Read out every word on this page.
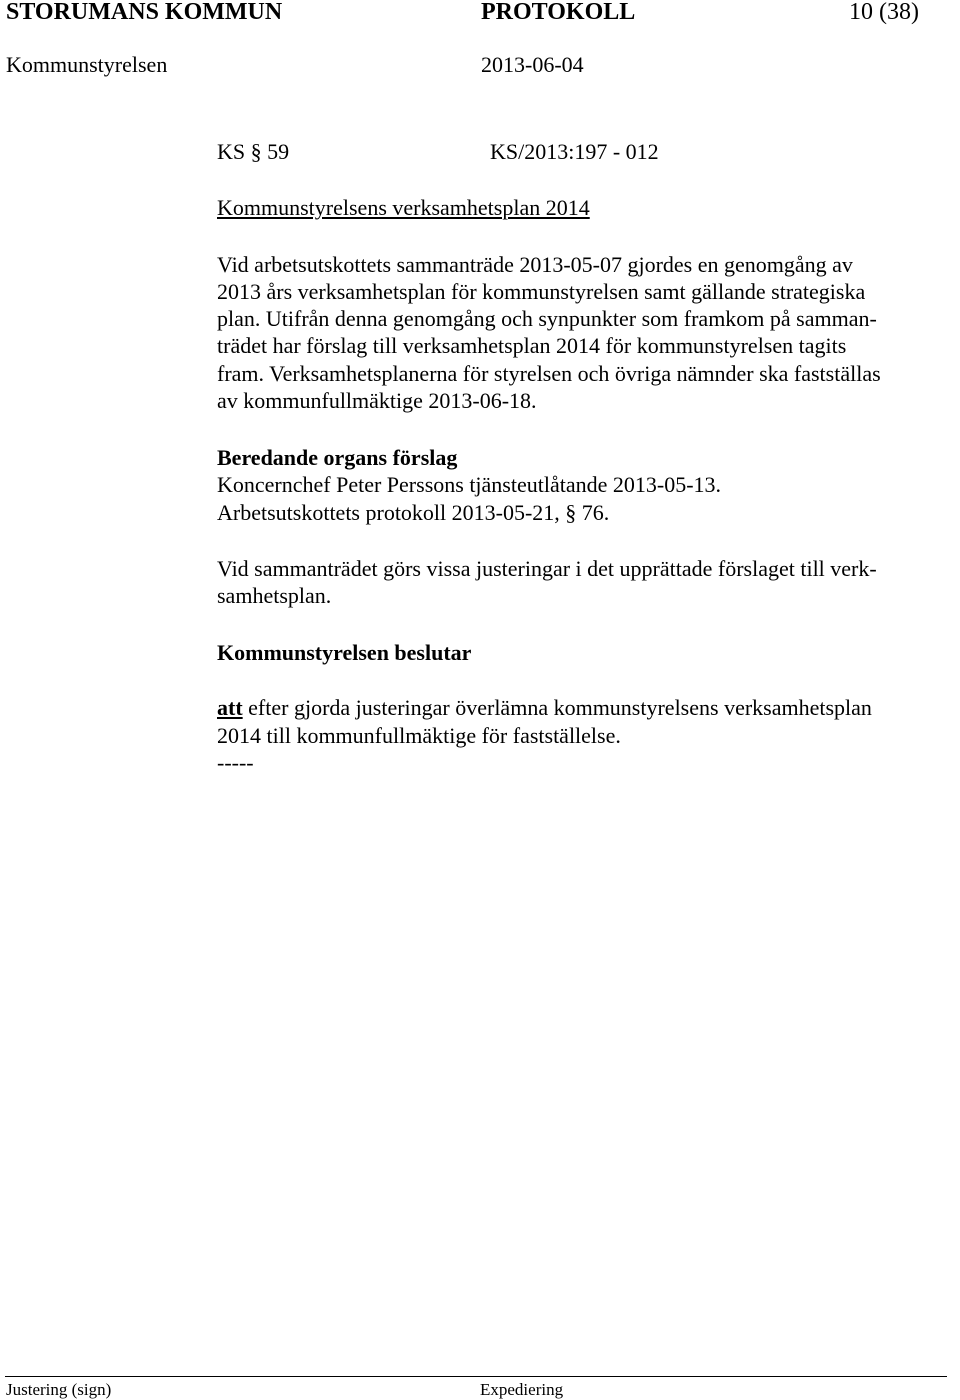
STORUMANS KOMMUN	PROTOKOLL	10 (38)
Kommunstyrelsen	2013-06-04
KS § 59	KS/2013:197 - 012
Kommunstyrelsens verksamhetsplan 2014
Vid arbetsutskottets sammanträde 2013-05-07 gjordes en genomgång av
2013 års verksamhetsplan för kommunstyrelsen samt gällande strategiska
plan. Utifrån denna genomgång och synpunkter som framkom på samman-
trädet har förslag till verksamhetsplan 2014 för kommunstyrelsen tagits
fram. Verksamhetsplanerna för styrelsen och övriga nämnder ska fastställas
av kommunfullmäktige 2013-06-18.
Beredande organs förslag
Koncernchef Peter Perssons tjänsteutlåtande 2013-05-13.
Arbetsutskottets protokoll 2013-05-21, § 76.
Vid sammanträdet görs vissa justeringar i det upprättade förslaget till verk-
samhetsplan.
Kommunstyrelsen beslutar
att efter gjorda justeringar överlämna kommunstyrelsens verksamhetsplan
2014 till kommunfullmäktige för fastställelse.
-----
Justering (sign)	Expediering
